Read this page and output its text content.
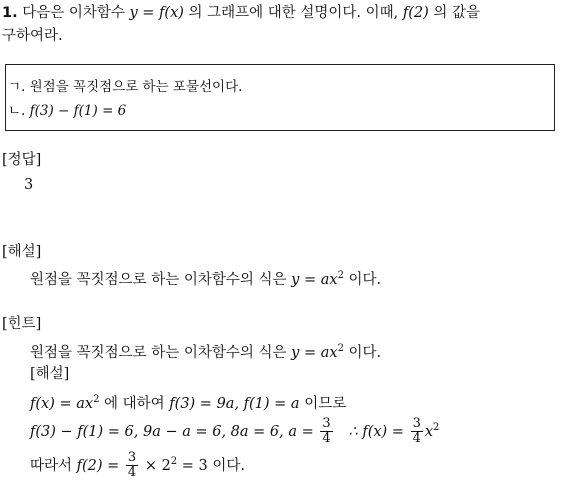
1. 다음은 이차함수 y = f(x) 의 그래프에 대한 설명이다. 이때, f(2) 의 값을
구하여라.
ㄱ. 원점을 꼭짓점으로 하는 포물선이다.
ㄴ. f(3) − f(1) = 6
[정답]
3
[해설]
원점을 꼭짓점으로 하는 이차함수의 식은 $y = ax^2$ 이다.
[힌트]
원점을 꼭짓점으로 하는 이차함수의 식은 $y = ax^2$ 이다.
[해설]
$f(x) = ax^2$ 에 대하여 f(3) = 9a, f(1) = a 이므로
f(3) − f(1) = 6, 9a − a = 6, 8a = 6, $a = \frac{3}{4}$ ∴ $f(x) = \frac{3}{4} x^2$
따라서 $f(2) = \frac{3}{4} \times 2^2 = 3$ 이다.
